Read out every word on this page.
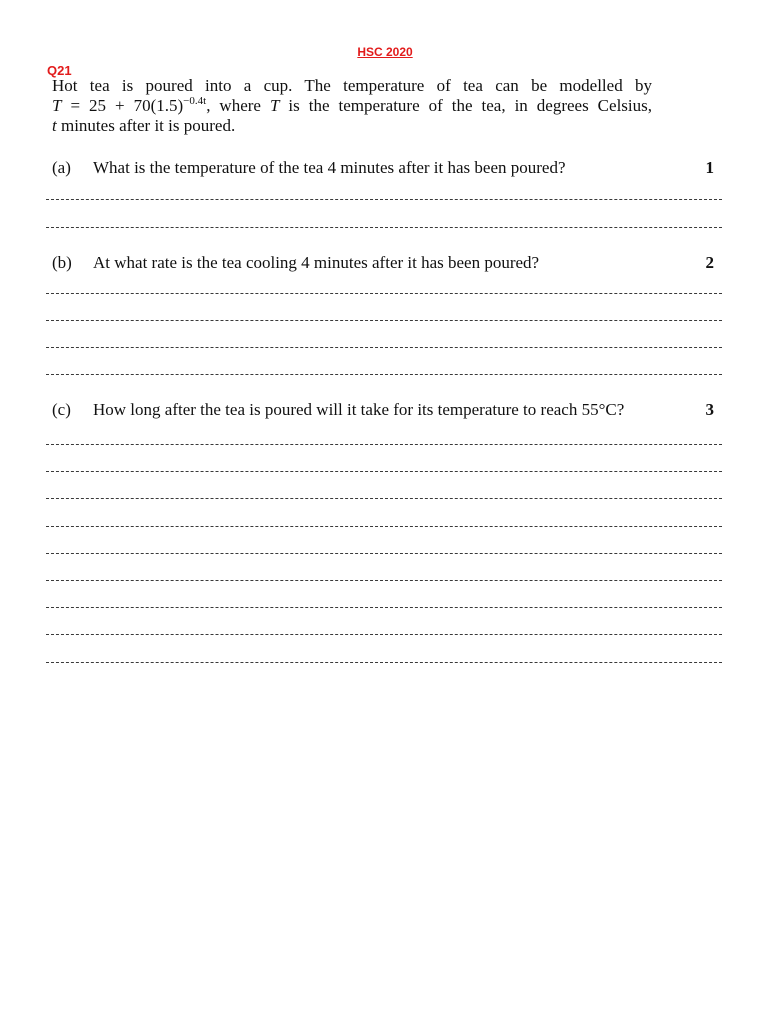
HSC 2020
Q21
Hot tea is poured into a cup. The temperature of tea can be modelled by
$T = 25 + 70(1.5)^{-0.4t}$, where T is the temperature of the tea, in degrees Celsius,
t minutes after it is poured.
(a) What is the temperature of the tea 4 minutes after it has been poured?	1
(b) At what rate is the tea cooling 4 minutes after it has been poured?	2
(c) How long after the tea is poured will it take for its temperature to reach 55°C?	3
